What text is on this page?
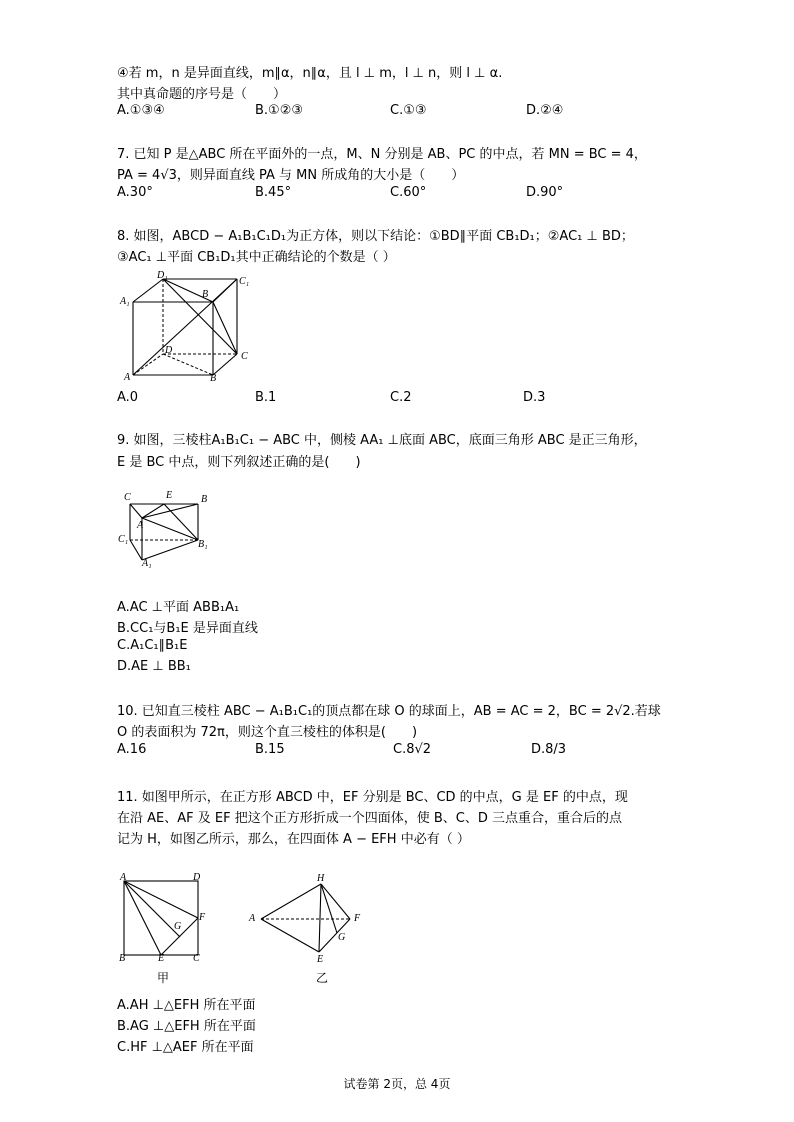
④若 m，n 是异面直线，m∥α，n∥α，且 l ⊥ m，l ⊥ n，则 l ⊥ α.
其中真命题的序号是（　　）
A.①③④	B.①②③	C.①③	D.②④
7. 已知 P 是△ABC 所在平面外的一点，M、N 分别是 AB、PC 的中点，若 MN = BC = 4，
PA = 4√3，则异面直线 PA 与 MN 所成角的大小是（　　）
A.30°	B.45°	C.60°	D.90°
8. 如图，ABCD − A₁B₁C₁D₁为正方体，则以下结论：①BD∥平面 CB₁D₁；②AC₁ ⊥ BD；
③AC₁ ⊥平面 CB₁D₁其中正确结论的个数是（ ）
D₁
C₁
A₁
B
D
C
A	B
A.0	B.1	C.2	D.3
9. 如图，三棱柱A₁B₁C₁ − ABC 中，侧棱 AA₁ ⊥底面 ABC，底面三角形 ABC 是正三角形，
E 是 BC 中点，则下列叙述正确的是(　　)
C	E	B
A
C₁	B₁
A₁
A.AC ⊥平面 ABB₁A₁
B.CC₁与B₁E 是异面直线
C.A₁C₁∥B₁E
D.AE ⊥ BB₁
10. 已知直三棱柱 ABC − A₁B₁C₁的顶点都在球 O 的球面上，AB = AC = 2，BC = 2√2.若球
O 的表面积为 72π，则这个直三棱柱的体积是(　　)
A.16	B.15	C.8√2	D.8/3
11. 如图甲所示，在正方形 ABCD 中，EF 分别是 BC、CD 的中点，G 是 EF 的中点，现
在沿 AE、AF 及 EF 把这个正方形折成一个四面体，使 B、C、D 三点重合，重合后的点
记为 H，如图乙所示，那么，在四面体 A − EFH 中必有（ ）
A	D
F
G
B	E	C
甲
H
A	F
G
E
乙
A.AH ⊥△EFH 所在平面
B.AG ⊥△EFH 所在平面
C.HF ⊥△AEF 所在平面
试卷第 2页，总 4页
